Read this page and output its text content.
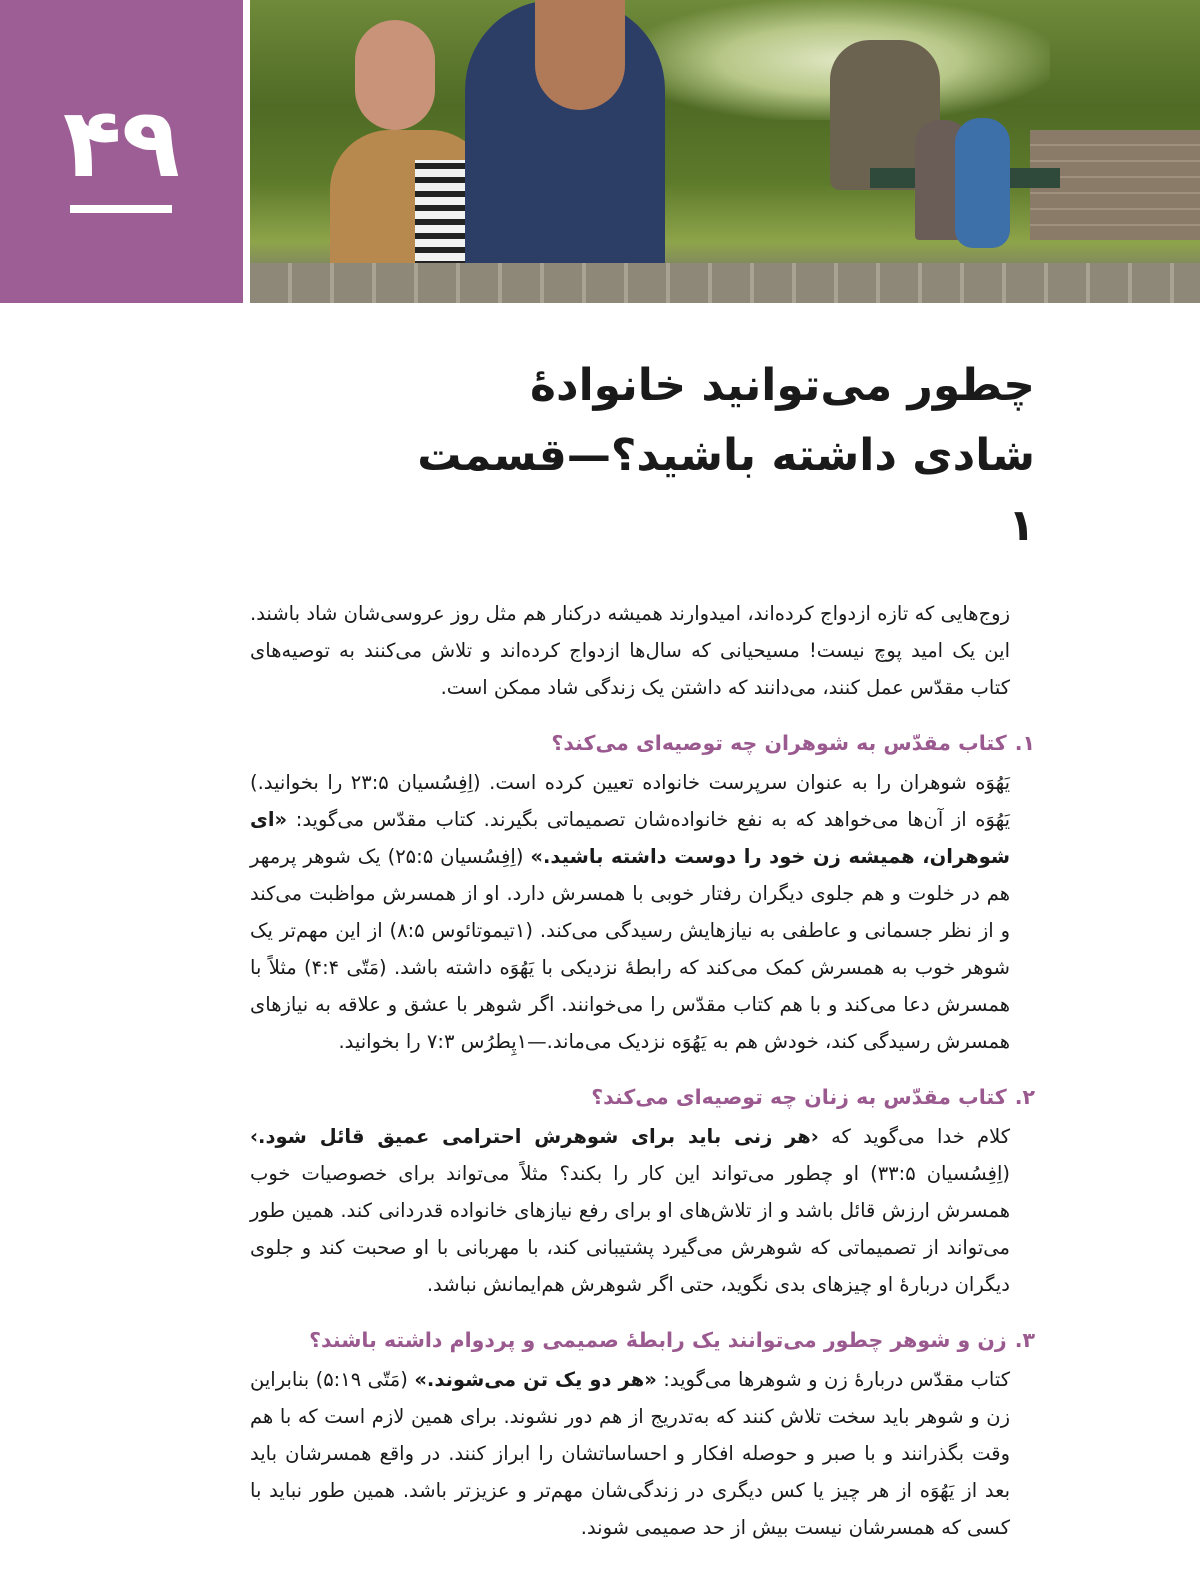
۴۹
چطور می‌توانید خانوادهٔ شادی داشته باشید؟—قسمت ۱

زوج‌هایی که تازه ازدواج کرده‌اند، امیدوارند همیشه درکنار هم مثل روز عروسی‌شان شاد باشند. این یک امید پوچ نیست! مسیحیانی که سال‌ها ازدواج کرده‌اند و تلاش می‌کنند به توصیه‌های کتاب مقدّس عمل کنند، می‌دانند که داشتن یک زندگی شاد ممکن است.

۱.کتاب مقدّس به شوهران چه توصیه‌ای می‌کند؟

یَهُوَه شوهران را به عنوان سرپرست خانواده تعیین کرده است. (اِفِسُسیان ۲۳:۵ را بخوانید.) یَهُوَه از آن‌ها می‌خواهد که به نفع خانواده‌شان تصمیماتی بگیرند. کتاب مقدّس می‌گوید: «ای شوهران، همیشه زن خود را دوست داشته باشید.» (اِفِسُسیان ۲۵:۵) یک شوهر پرمهر هم در خلوت و هم جلوی دیگران رفتار خوبی با همسرش دارد. او از همسرش مواظبت می‌کند و از نظر جسمانی و عاطفی به نیازهایش رسیدگی می‌کند. (۱تیموتائوس ۸:۵) از این مهم‌تر یک شوهر خوب به همسرش کمک می‌کند که رابطهٔ نزدیکی با یَهُوَه داشته باشد. (مَتّی ۴:۴) مثلاً با همسرش دعا می‌کند و با هم کتاب مقدّس را می‌خوانند. اگر شوهر با عشق و علاقه به نیازهای همسرش رسیدگی کند، خودش هم به یَهُوَه نزدیک می‌ماند.—۱پِطرُس ۷:۳ را بخوانید.

۲.کتاب مقدّس به زنان چه توصیه‌ای می‌کند؟

کلام خدا می‌گوید که ‹هر زنی باید برای شوهرش احترامی عمیق قائل شود.› (اِفِسُسیان ۳۳:۵) او چطور می‌تواند این کار را بکند؟ مثلاً می‌تواند برای خصوصیات خوب همسرش ارزش قائل باشد و از تلاش‌های او برای رفع نیازهای خانواده قدردانی کند. همین طور می‌تواند از تصمیماتی که شوهرش می‌گیرد پشتیبانی کند، با مهربانی با او صحبت کند و جلوی دیگران دربارهٔ او چیزهای بدی نگوید، حتی اگر شوهرش هم‌ایمانش نباشد.

۳.زن و شوهر چطور می‌توانند یک رابطهٔ صمیمی و پردوام داشته باشند؟

کتاب مقدّس دربارهٔ زن و شوهرها می‌گوید: «هر دو یک تن می‌شوند.» (مَتّی ۵:۱۹) بنابراین زن و شوهر باید سخت تلاش کنند که به‌تدریج از هم دور نشوند. برای همین لازم است که با هم وقت بگذرانند و با صبر و حوصله افکار و احساساتشان را ابراز کنند. در واقع همسرشان باید بعد از یَهُوَه از هر چیز یا کس دیگری در زندگی‌شان مهم‌تر و عزیزتر باشد. همین طور نباید با کسی که همسرشان نیست بیش از حد صمیمی شوند.
